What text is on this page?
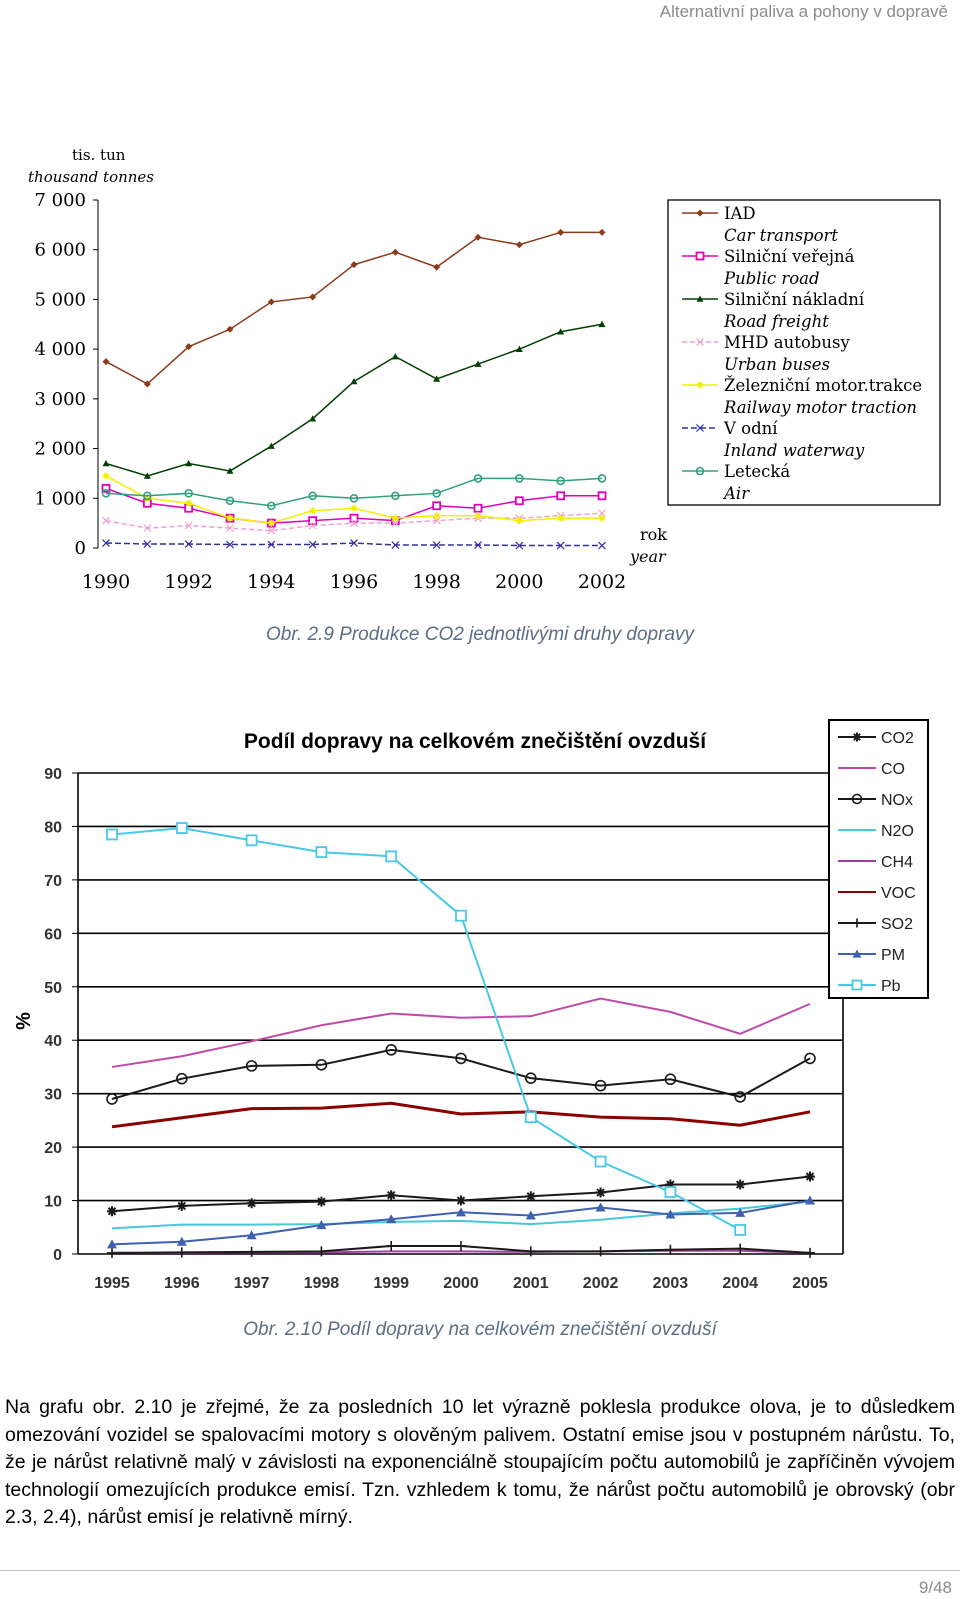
Alternativní paliva a pohony v dopravě
tis. tun
thousand tonnes
rok
year
0
1 000
2 000
3 000
4 000
5 000
6 000
7 000
1990 1992 1994 1996 1998 2000 2002
IAD
Car transport
Silniční veřejná
Public road
Silniční nákladní
Road freight
MHD autobusy
Urban buses
Železniční motor.trakce
Railway motor traction
V odní
Inland waterway
Letecká
Air
Obr. 2.9 Produkce CO2 jednotlivými druhy dopravy
Podíl dopravy na celkovém znečištění ovzduší
%
0
10
20
30
40
50
60
70
80
90
1995 1996 1997 1998 1999 2000 2001 2002 2003 2004 2005
CO2
CO
NOx
N2O
CH4
VOC
SO2
PM
Pb
Obr. 2.10 Podíl dopravy na celkovém znečištění ovzduší

Na grafu obr. 2.10 je zřejmé, že za posledních 10 let výrazně poklesla produkce olova, je to důsledkem omezování vozidel se spalovacími motory s olověným palivem. Ostatní emise jsou v postupném nárůstu. To, že je nárůst relativně malý v závislosti na exponenciálně stoupajícím počtu automobilů je zapříčiněn vývojem technologií omezujících produkce emisí. Tzn. vzhledem k tomu, že nárůst počtu automobilů je obrovský (obr 2.3, 2.4), nárůst emisí je relativně mírný.

9/48
